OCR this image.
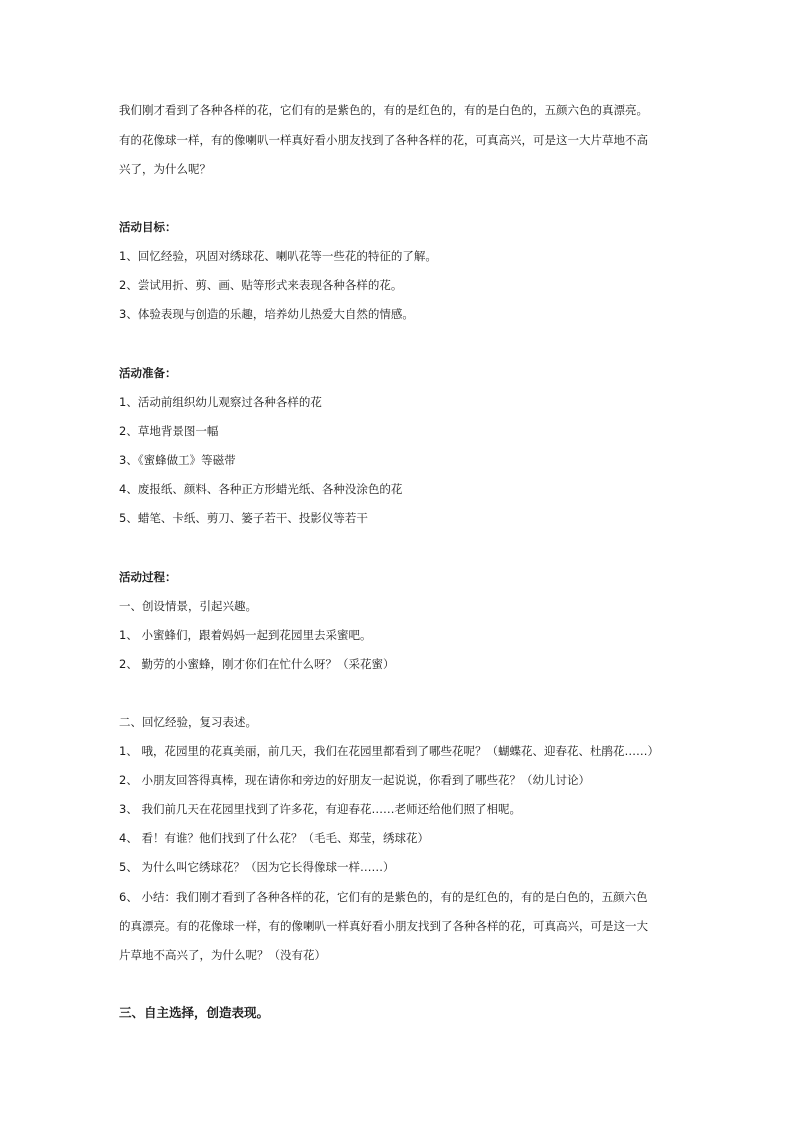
我们刚才看到了各种各样的花，它们有的是紫色的，有的是红色的，有的是白色的，五颜六色的真漂亮。
有的花像球一样，有的像喇叭一样真好看小朋友找到了各种各样的花，可真高兴，可是这一大片草地不高
兴了，为什么呢？
活动目标：
1、回忆经验，巩固对绣球花、喇叭花等一些花的特征的了解。
2、尝试用折、剪、画、贴等形式来表现各种各样的花。
3、体验表现与创造的乐趣，培养幼儿热爱大自然的情感。
活动准备：
1、活动前组织幼儿观察过各种各样的花
2、草地背景图一幅
3、《蜜蜂做工》等磁带
4、废报纸、颜料、各种正方形蜡光纸、各种没涂色的花
5、蜡笔、卡纸、剪刀、篓子若干、投影仪等若干
活动过程：
一、创设情景，引起兴趣。
1、 小蜜蜂们，跟着妈妈一起到花园里去采蜜吧。
2、 勤劳的小蜜蜂，刚才你们在忙什么呀？（采花蜜）
二、回忆经验，复习表述。
1、 哦，花园里的花真美丽，前几天，我们在花园里都看到了哪些花呢？（蝴蝶花、迎春花、杜鹃花……）
2、 小朋友回答得真棒，现在请你和旁边的好朋友一起说说，你看到了哪些花？（幼儿讨论）
3、 我们前几天在花园里找到了许多花，有迎春花……老师还给他们照了相呢。
4、 看！有谁？他们找到了什么花？（毛毛、郑莹，绣球花）
5、 为什么叫它绣球花？（因为它长得像球一样……）
6、 小结：我们刚才看到了各种各样的花，它们有的是紫色的，有的是红色的，有的是白色的，五颜六色
的真漂亮。有的花像球一样，有的像喇叭一样真好看小朋友找到了各种各样的花，可真高兴，可是这一大
片草地不高兴了，为什么呢？（没有花）
三、自主选择，创造表现。
